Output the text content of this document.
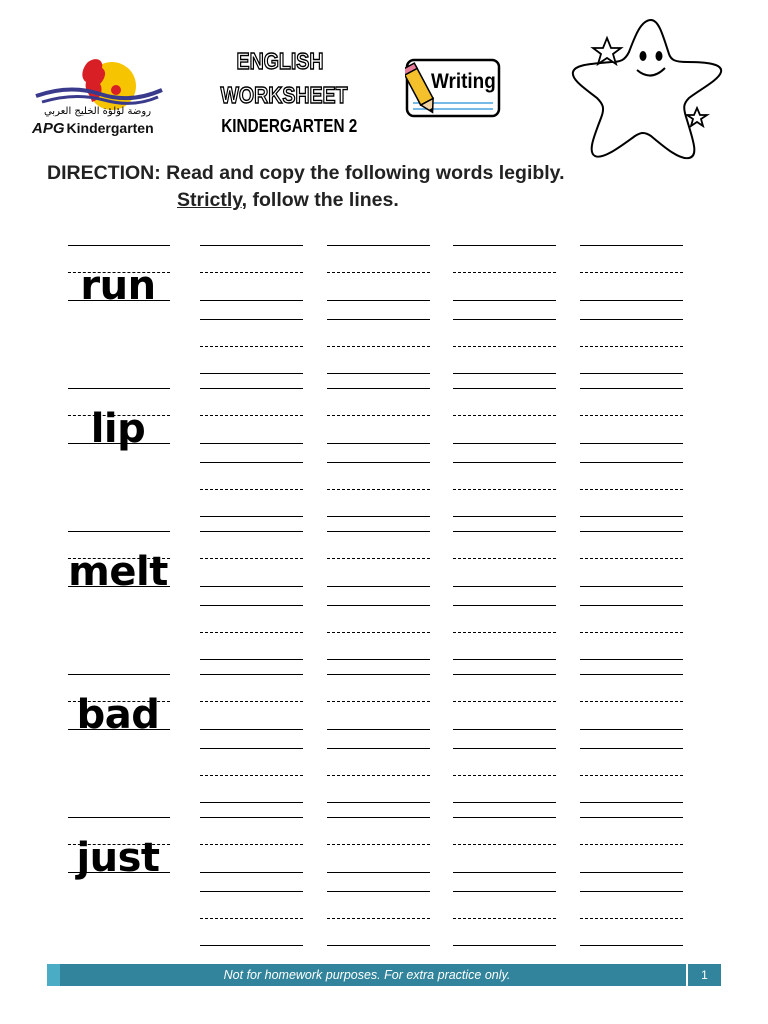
روضة لؤلؤة الخليج العربي
APG Kindergarten
ENGLISH
WORKSHEET
KINDERGARTEN 2
Writing
DIRECTION: Read and copy the following words legibly.
Strictly, follow the lines.
run
lip
melt
bad
just
Not for homework purposes. For extra practice only.	1
